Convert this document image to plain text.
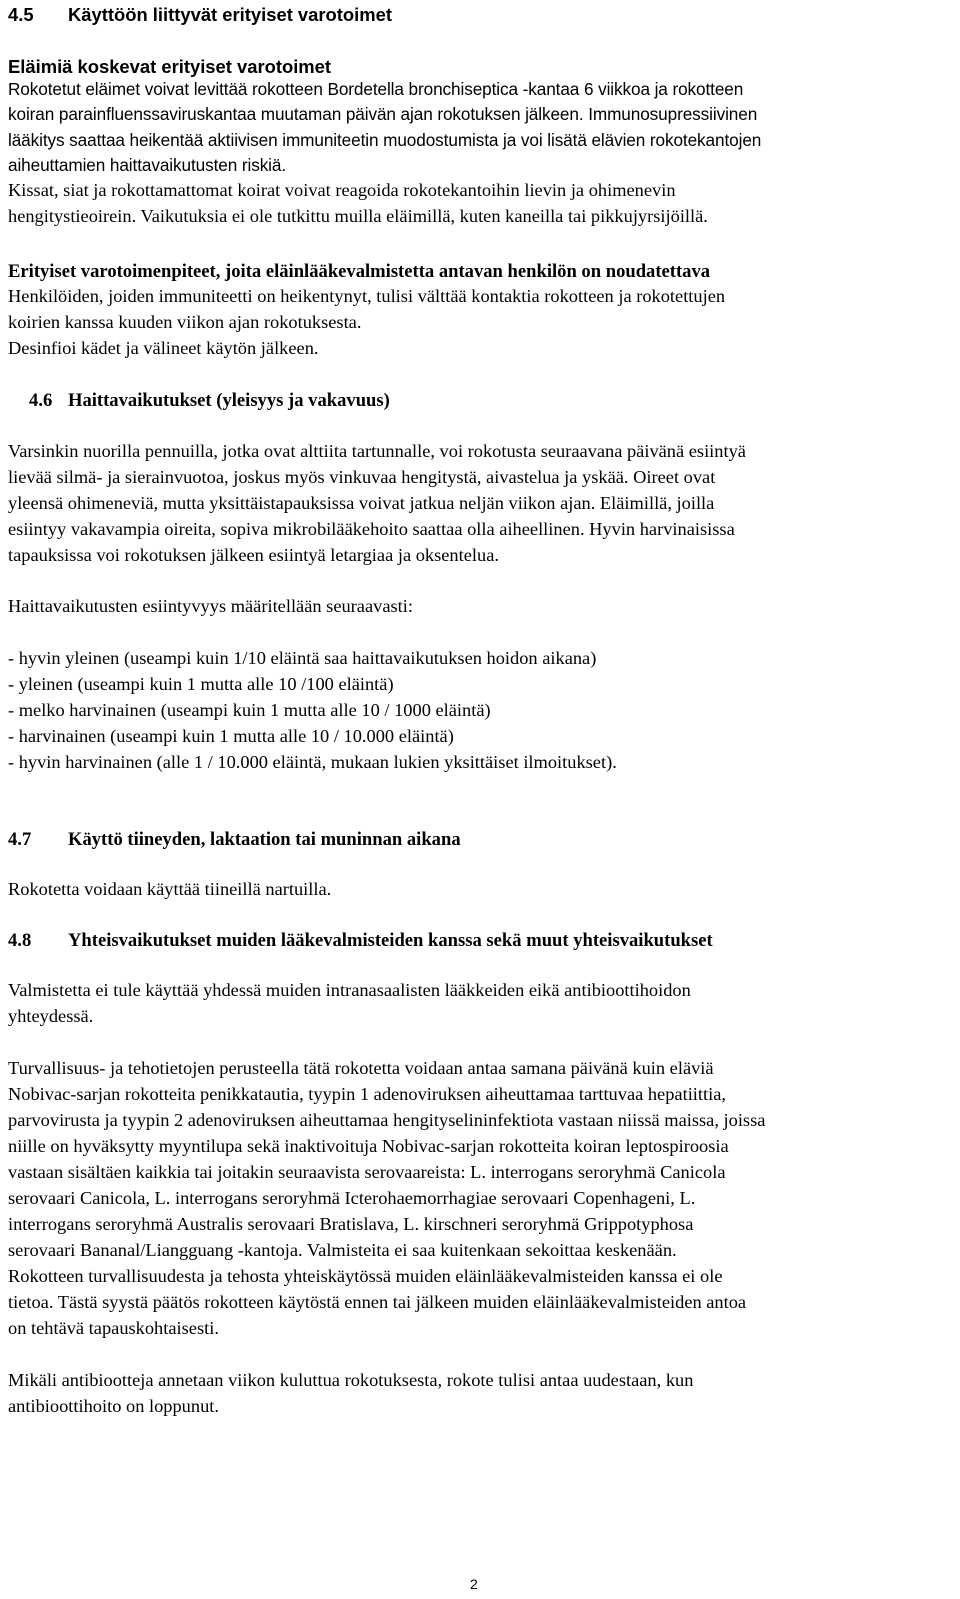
4.5 Käyttöön liittyvät erityiset varotoimet
Eläimiä koskevat erityiset varotoimet
Rokotetut eläimet voivat levittää rokotteen Bordetella bronchiseptica -kantaa 6 viikkoa ja rokotteen
koiran parainfluenssaviruskantaa muutaman päivän ajan rokotuksen jälkeen. Immunosupressiivinen
lääkitys saattaa heikentää aktiivisen immuniteetin muodostumista ja voi lisätä elävien rokotekantojen
aiheuttamien haittavaikutusten riskiä.
Kissat, siat ja rokottamattomat koirat voivat reagoida rokotekantoihin lievin ja ohimenevin
hengitystieoirein. Vaikutuksia ei ole tutkittu muilla eläimillä, kuten kaneilla tai pikkujyrsijöillä.
Erityiset varotoimenpiteet, joita eläinlääkevalmistetta antavan henkilön on noudatettava
Henkilöiden, joiden immuniteetti on heikentynyt, tulisi välttää kontaktia rokotteen ja rokotettujen
koirien kanssa kuuden viikon ajan rokotuksesta.
Desinfioi kädet ja välineet käytön jälkeen.
4.6 Haittavaikutukset (yleisyys ja vakavuus)
Varsinkin nuorilla pennuilla, jotka ovat alttiita tartunnalle, voi rokotusta seuraavana päivänä esiintyä
lievää silmä- ja sierainvuotoa, joskus myös vinkuvaa hengitystä, aivastelua ja yskää. Oireet ovat
yleensä ohimeneviä, mutta yksittäistapauksissa voivat jatkua neljän viikon ajan. Eläimillä, joilla
esiintyy vakavampia oireita, sopiva mikrobilääkehoito saattaa olla aiheellinen. Hyvin harvinaisissa
tapauksissa voi rokotuksen jälkeen esiintyä letargiaa ja oksentelua.
Haittavaikutusten esiintyvyys määritellään seuraavasti:
- hyvin yleinen (useampi kuin 1/10 eläintä saa haittavaikutuksen hoidon aikana)
- yleinen (useampi kuin 1 mutta alle 10 /100 eläintä)
- melko harvinainen (useampi kuin 1 mutta alle 10 / 1000 eläintä)
- harvinainen (useampi kuin 1 mutta alle 10 / 10.000 eläintä)
- hyvin harvinainen (alle 1 / 10.000 eläintä, mukaan lukien yksittäiset ilmoitukset).
4.7 Käyttö tiineyden, laktaation tai muninnan aikana
Rokotetta voidaan käyttää tiineillä nartuilla.
4.8 Yhteisvaikutukset muiden lääkevalmisteiden kanssa sekä muut yhteisvaikutukset
Valmistetta ei tule käyttää yhdessä muiden intranasaalisten lääkkeiden eikä antibioottihoidon
yhteydessä.
Turvallisuus- ja tehotietojen perusteella tätä rokotetta voidaan antaa samana päivänä kuin eläviä
Nobivac-sarjan rokotteita penikkatautia, tyypin 1 adenoviruksen aiheuttamaa tarttuvaa hepatiittia,
parvovirusta ja tyypin 2 adenoviruksen aiheuttamaa hengityselininfektiota vastaan niissä maissa, joissa
niille on hyväksytty myyntilupa sekä inaktivoituja Nobivac-sarjan rokotteita koiran leptospiroosia
vastaan sisältäen kaikkia tai joitakin seuraavista serovaareista: L. interrogans seroryhmä Canicola
serovaari Canicola, L. interrogans seroryhmä Icterohaemorrhagiae serovaari Copenhageni, L.
interrogans seroryhmä Australis serovaari Bratislava, L. kirschneri seroryhmä Grippotyphosa
serovaari Bananal/Liangguang -kantoja. Valmisteita ei saa kuitenkaan sekoittaa keskenään.
Rokotteen turvallisuudesta ja tehosta yhteiskäytössä muiden eläinlääkevalmisteiden kanssa ei ole
tietoa. Tästä syystä päätös rokotteen käytöstä ennen tai jälkeen muiden eläinlääkevalmisteiden antoa
on tehtävä tapauskohtaisesti.
Mikäli antibiootteja annetaan viikon kuluttua rokotuksesta, rokote tulisi antaa uudestaan, kun
antibioottihoito on loppunut.
2
